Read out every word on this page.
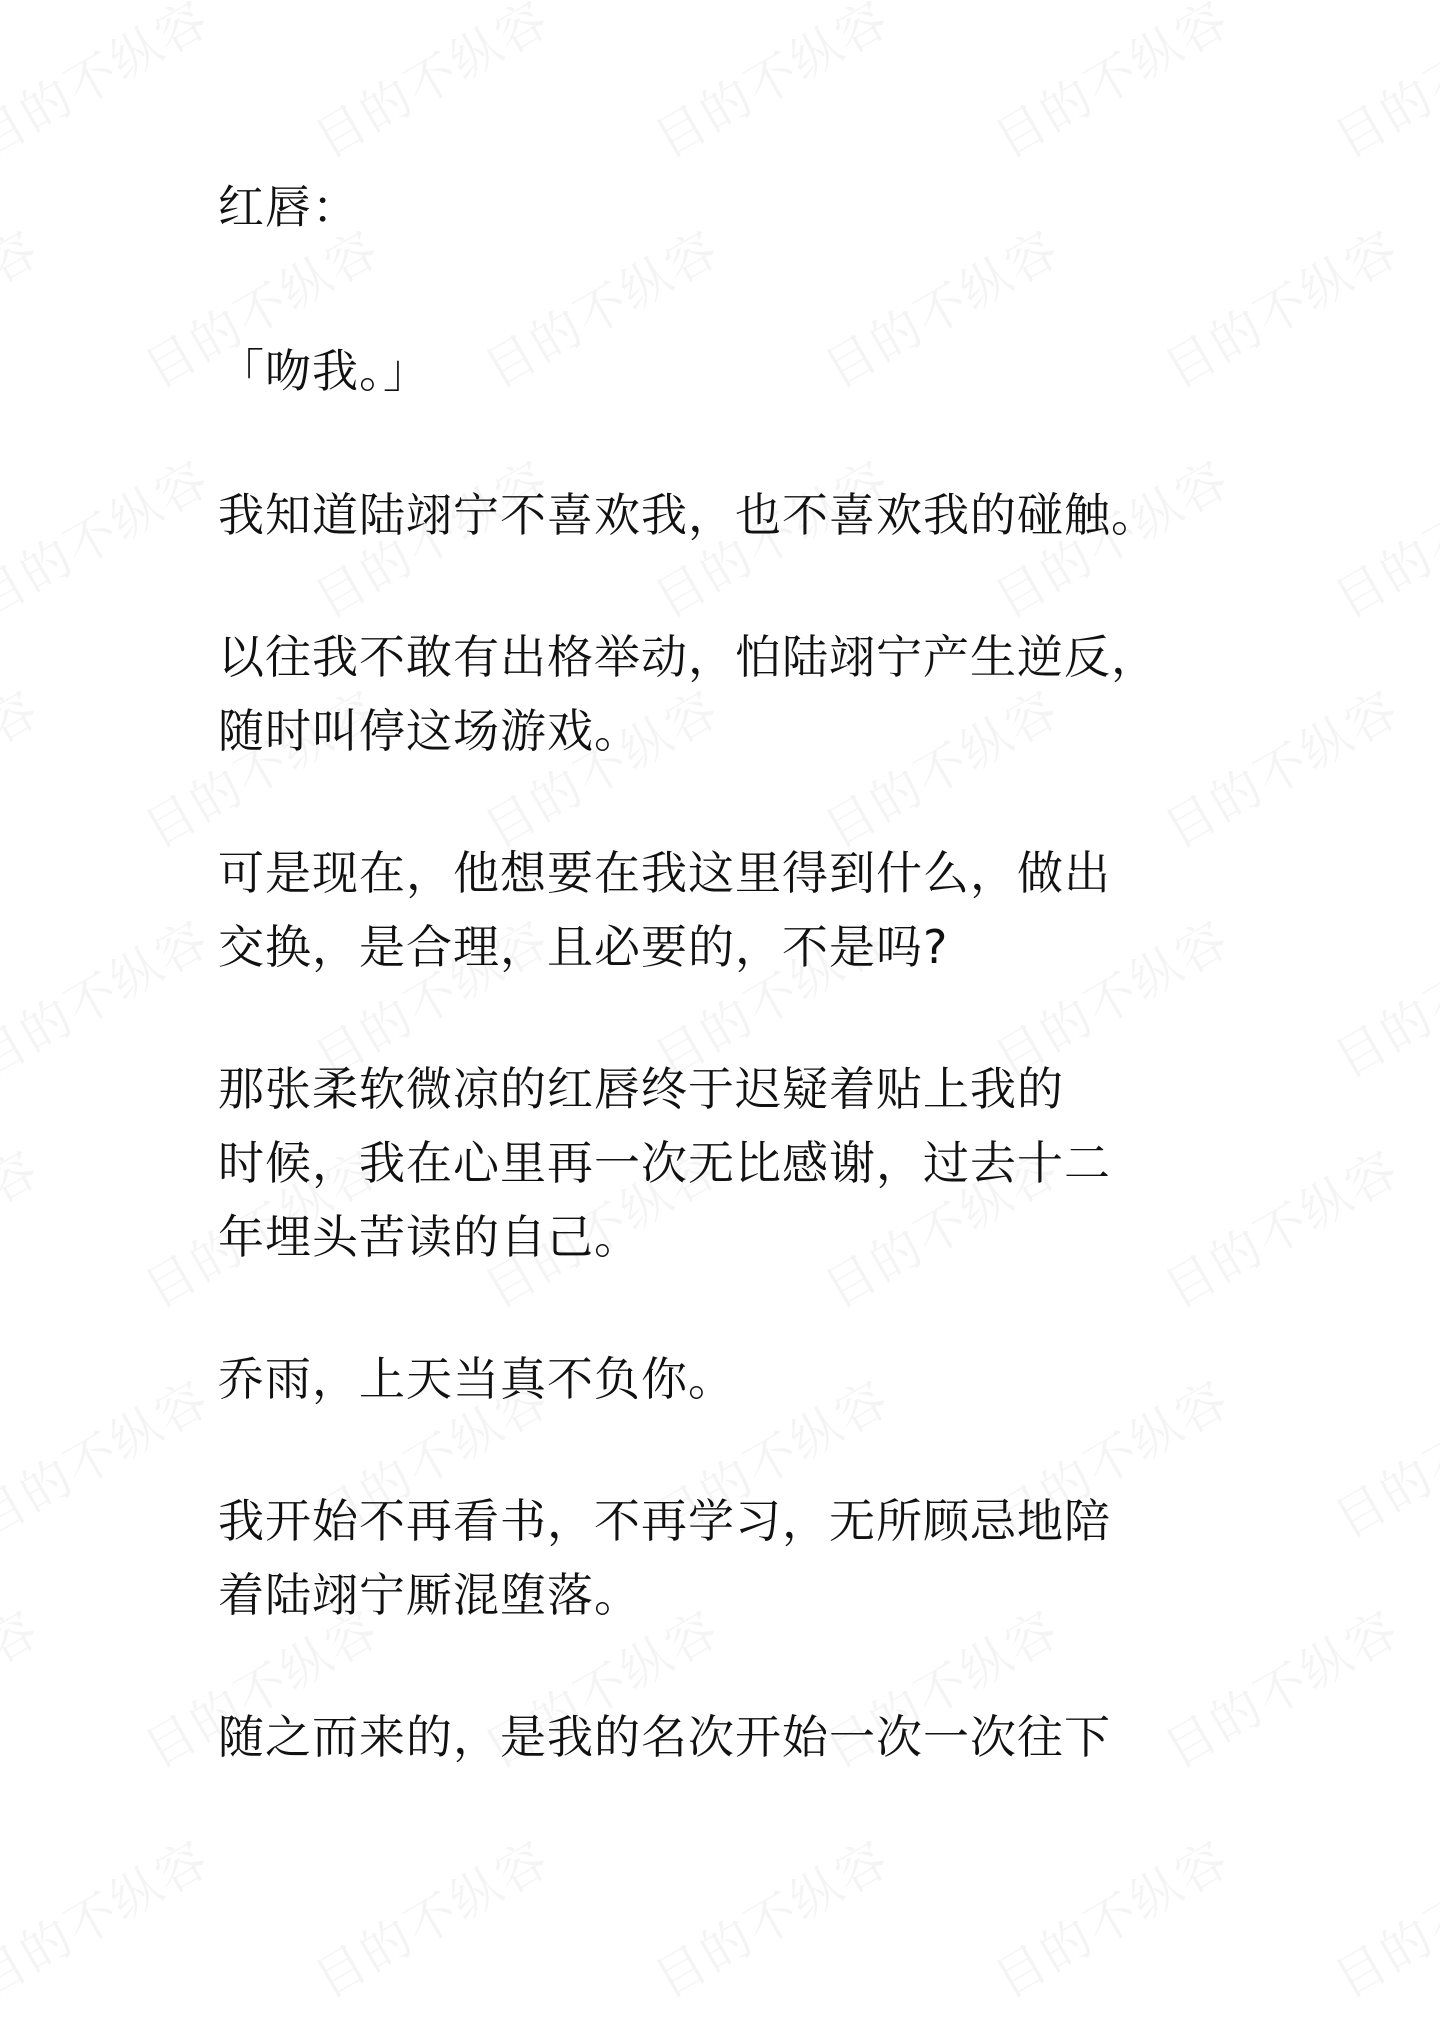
红唇：

「吻我。」

我知道陆翊宁不喜欢我，也不喜欢我的碰触。

以往我不敢有出格举动，怕陆翊宁产生逆反，
随时叫停这场游戏。

可是现在，他想要在我这里得到什么，做出
交换，是合理，且必要的，不是吗?

那张柔软微凉的红唇终于迟疑着贴上我的
时候，我在心里再一次无比感谢，过去十二
年埋头苦读的自己。

乔雨，上天当真不负你。

我开始不再看书，不再学习，无所顾忌地陪
着陆翊宁厮混堕落。

随之而来的，是我的名次开始一次一次往下
